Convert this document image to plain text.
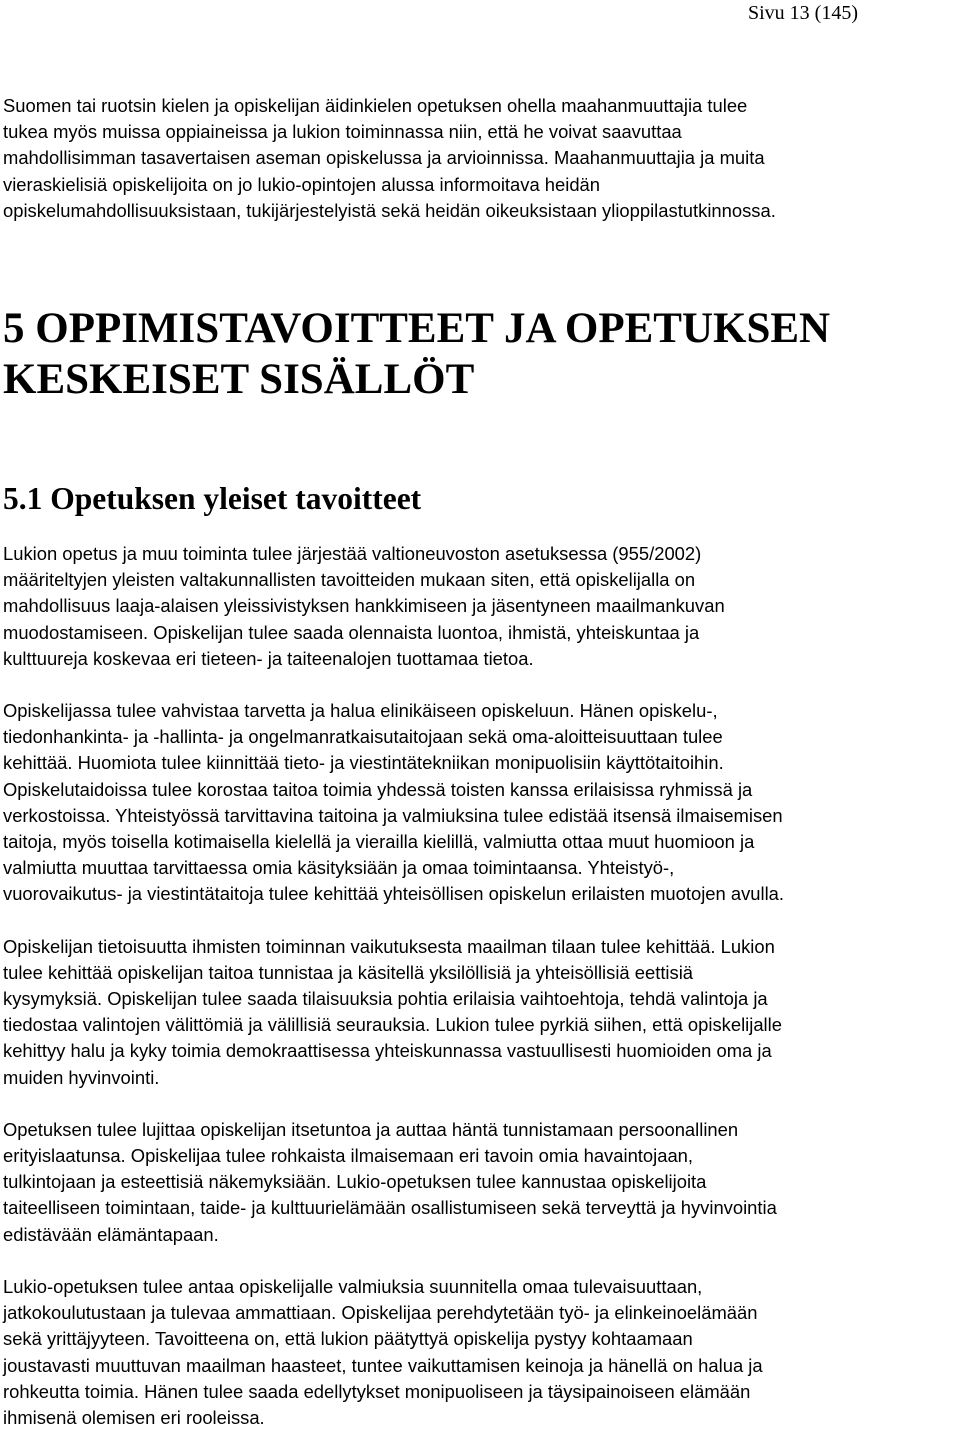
Sivu 13 (145)

Suomen tai ruotsin kielen ja opiskelijan äidinkielen opetuksen ohella maahanmuuttajia tulee
tukea myös muissa oppiaineissa ja lukion toiminnassa niin, että he voivat saavuttaa
mahdollisimman tasavertaisen aseman opiskelussa ja arvioinnissa. Maahanmuuttajia ja muita
vieraskielisiä opiskelijoita on jo lukio-opintojen alussa informoitava heidän
opiskelumahdollisuuksistaan, tukijärjestelyistä sekä heidän oikeuksistaan ylioppilastutkinnossa.

5 OPPIMISTAVOITTEET JA OPETUKSEN
KESKEISET SISÄLLÖT
5.1 Opetuksen yleiset tavoitteet

Lukion opetus ja muu toiminta tulee järjestää valtioneuvoston asetuksessa (955/2002)
määriteltyjen yleisten valtakunnallisten tavoitteiden mukaan siten, että opiskelijalla on
mahdollisuus laaja-alaisen yleissivistyksen hankkimiseen ja jäsentyneen maailmankuvan
muodostamiseen. Opiskelijan tulee saada olennaista luontoa, ihmistä, yhteiskuntaa ja
kulttuureja koskevaa eri tieteen- ja taiteenalojen tuottamaa tietoa.

Opiskelijassa tulee vahvistaa tarvetta ja halua elinikäiseen opiskeluun. Hänen opiskelu-,
tiedonhankinta- ja -hallinta- ja ongelmanratkaisutaitojaan sekä oma-aloitteisuuttaan tulee
kehittää. Huomiota tulee kiinnittää tieto- ja viestintätekniikan monipuolisiin käyttötaitoihin.
Opiskelutaidoissa tulee korostaa taitoa toimia yhdessä toisten kanssa erilaisissa ryhmissä ja
verkostoissa. Yhteistyössä tarvittavina taitoina ja valmiuksina tulee edistää itsensä ilmaisemisen
taitoja, myös toisella kotimaisella kielellä ja vierailla kielillä, valmiutta ottaa muut huomioon ja
valmiutta muuttaa tarvittaessa omia käsityksiään ja omaa toimintaansa. Yhteistyö-,
vuorovaikutus- ja viestintätaitoja tulee kehittää yhteisöllisen opiskelun erilaisten muotojen avulla.

Opiskelijan tietoisuutta ihmisten toiminnan vaikutuksesta maailman tilaan tulee kehittää. Lukion
tulee kehittää opiskelijan taitoa tunnistaa ja käsitellä yksilöllisiä ja yhteisöllisiä eettisiä
kysymyksiä. Opiskelijan tulee saada tilaisuuksia pohtia erilaisia vaihtoehtoja, tehdä valintoja ja
tiedostaa valintojen välittömiä ja välillisiä seurauksia. Lukion tulee pyrkiä siihen, että opiskelijalle
kehittyy halu ja kyky toimia demokraattisessa yhteiskunnassa vastuullisesti huomioiden oma ja
muiden hyvinvointi.

Opetuksen tulee lujittaa opiskelijan itsetuntoa ja auttaa häntä tunnistamaan persoonallinen
erityislaatunsa. Opiskelijaa tulee rohkaista ilmaisemaan eri tavoin omia havaintojaan,
tulkintojaan ja esteettisiä näkemyksiään. Lukio-opetuksen tulee kannustaa opiskelijoita
taiteelliseen toimintaan, taide- ja kulttuurielämään osallistumiseen sekä terveyttä ja hyvinvointia
edistävään elämäntapaan.

Lukio-opetuksen tulee antaa opiskelijalle valmiuksia suunnitella omaa tulevaisuuttaan,
jatkokoulutustaan ja tulevaa ammattiaan. Opiskelijaa perehdytetään työ- ja elinkeinoelämään
sekä yrittäjyyteen. Tavoitteena on, että lukion päätyttyä opiskelija pystyy kohtaamaan
joustavasti muuttuvan maailman haasteet, tuntee vaikuttamisen keinoja ja hänellä on halua ja
rohkeutta toimia. Hänen tulee saada edellytykset monipuoliseen ja täysipainoiseen elämään
ihmisenä olemisen eri rooleissa.
